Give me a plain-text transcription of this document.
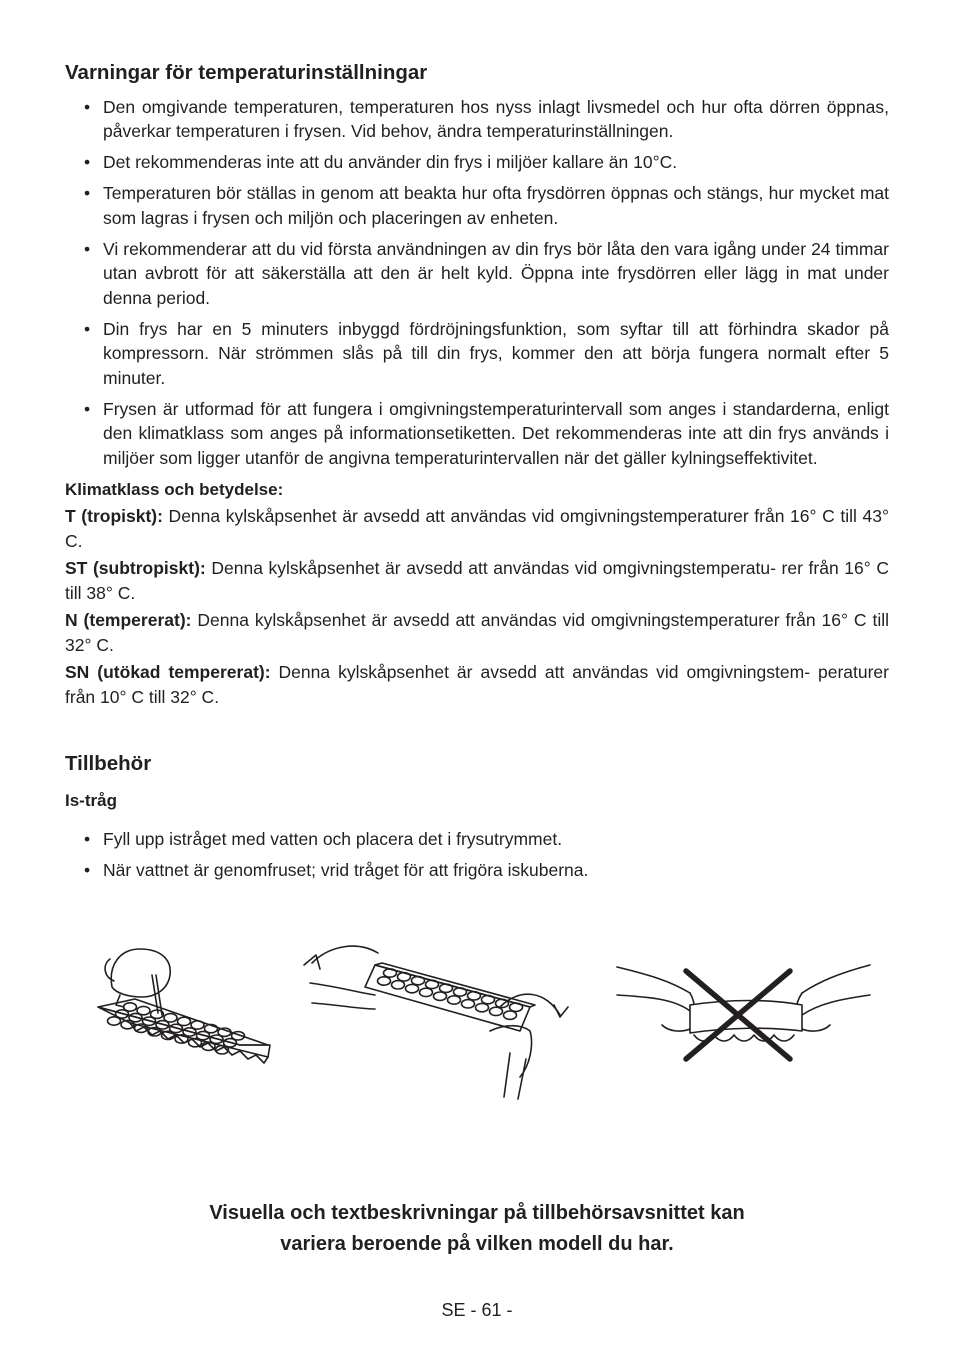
Varningar för temperaturinställningar
• Den omgivande temperaturen, temperaturen hos nyss inlagt livsmedel och hur ofta dörren öppnas, påverkar temperaturen i frysen. Vid behov, ändra temperaturinställningen.
• Det rekommenderas inte att du använder din frys i miljöer kallare än 10°C.
• Temperaturen bör ställas in genom att beakta hur ofta frysdörren öppnas och stängs, hur mycket mat som lagras i frysen och miljön och placeringen av enheten.
• Vi rekommenderar att du vid första användningen av din frys bör låta den vara igång under 24 timmar utan avbrott för att säkerställa att den är helt kyld. Öppna inte frysdörren eller lägg in mat under denna period.
• Din frys har en 5 minuters inbyggd fördröjningsfunktion, som syftar till att förhindra skador på kompressorn. När strömmen slås på till din frys, kommer den att börja fungera normalt efter 5 minuter.
• Frysen är utformad för att fungera i omgivningstemperaturintervall som anges i standarderna, enligt den klimatklass som anges på informationsetiketten. Det rekommenderas inte att din frys används i miljöer som ligger utanför de angivna temperaturintervallen när det gäller kylningseffektivitet.
Klimatklass och betydelse:

T (tropiskt): Denna kylskåpsenhet är avsedd att användas vid omgivningstemperaturer från 16° C till 43° C.

ST (subtropiskt): Denna kylskåpsenhet är avsedd att användas vid omgivningstemperatu- rer från 16° C till 38° C.

N (tempererat): Denna kylskåpsenhet är avsedd att användas vid omgivningstemperaturer från 16° C till 32° C.

SN (utökad tempererat): Denna kylskåpsenhet är avsedd att användas vid omgivningstem- peraturer från 10° C till 32° C.

Tillbehör
Is-tråg
• Fyll upp istråget med vatten och placera det i frysutrymmet.
• När vattnet är genomfruset; vrid tråget för att frigöra iskuberna.
Visuella och textbeskrivningar på tillbehörsavsnittet kan
variera beroende på vilken modell du har.
SE - 61 -
